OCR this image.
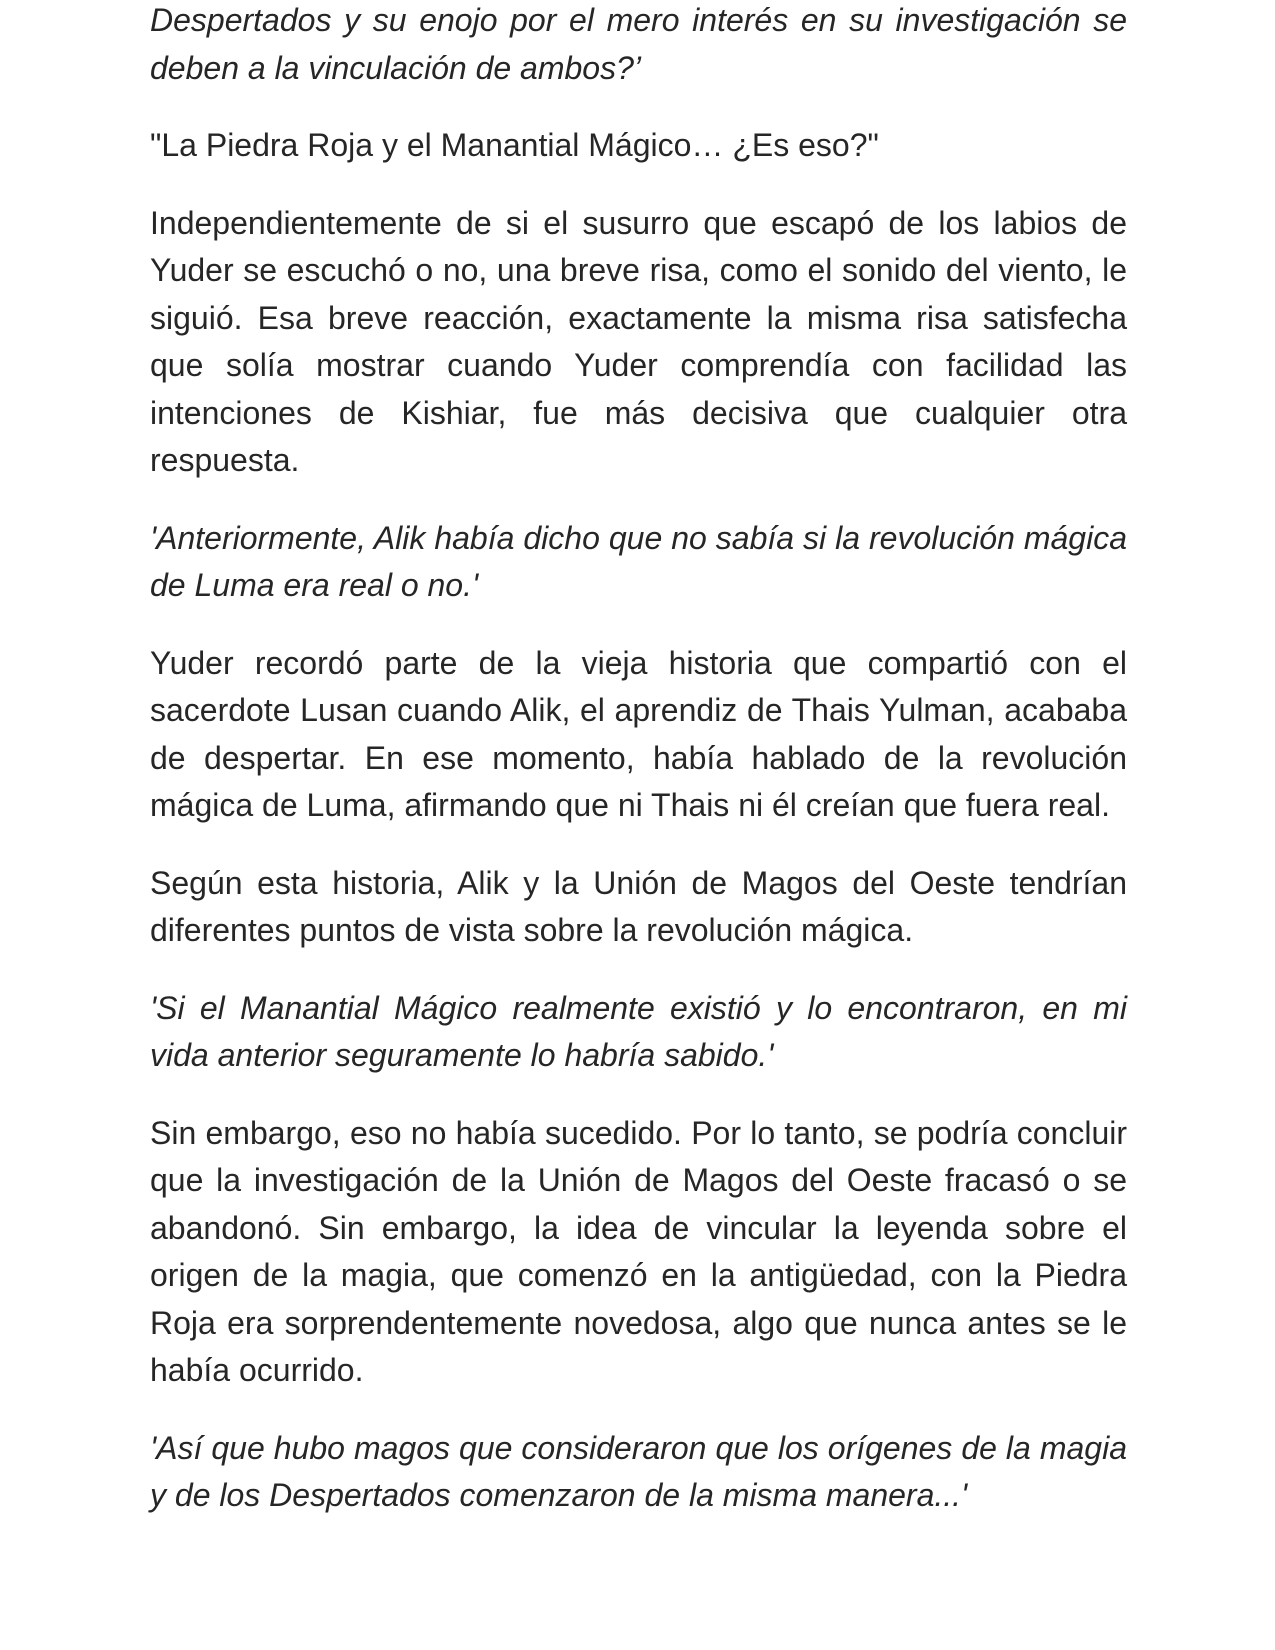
Despertados y su enojo por el mero interés en su investigación se deben a la vinculación de ambos?’

"La Piedra Roja y el Manantial Mágico… ¿Es eso?"

Independientemente de si el susurro que escapó de los labios de Yuder se escuchó o no, una breve risa, como el sonido del viento, le siguió. Esa breve reacción, exactamente la misma risa satisfecha que solía mostrar cuando Yuder comprendía con facilidad las intenciones de Kishiar, fue más decisiva que cualquier otra respuesta.

'Anteriormente, Alik había dicho que no sabía si la revolución mágica de Luma era real o no.'

Yuder recordó parte de la vieja historia que compartió con el sacerdote Lusan cuando Alik, el aprendiz de Thais Yulman, acababa de despertar. En ese momento, había hablado de la revolución mágica de Luma, afirmando que ni Thais ni él creían que fuera real.

Según esta historia, Alik y la Unión de Magos del Oeste tendrían diferentes puntos de vista sobre la revolución mágica.

'Si el Manantial Mágico realmente existió y lo encontraron, en mi vida anterior seguramente lo habría sabido.'

Sin embargo, eso no había sucedido. Por lo tanto, se podría concluir que la investigación de la Unión de Magos del Oeste fracasó o se abandonó. Sin embargo, la idea de vincular la leyenda sobre el origen de la magia, que comenzó en la antigüedad, con la Piedra Roja era sorprendentemente novedosa, algo que nunca antes se le había ocurrido.

'Así que hubo magos que consideraron que los orígenes de la magia y de los Despertados comenzaron de la misma manera...'
